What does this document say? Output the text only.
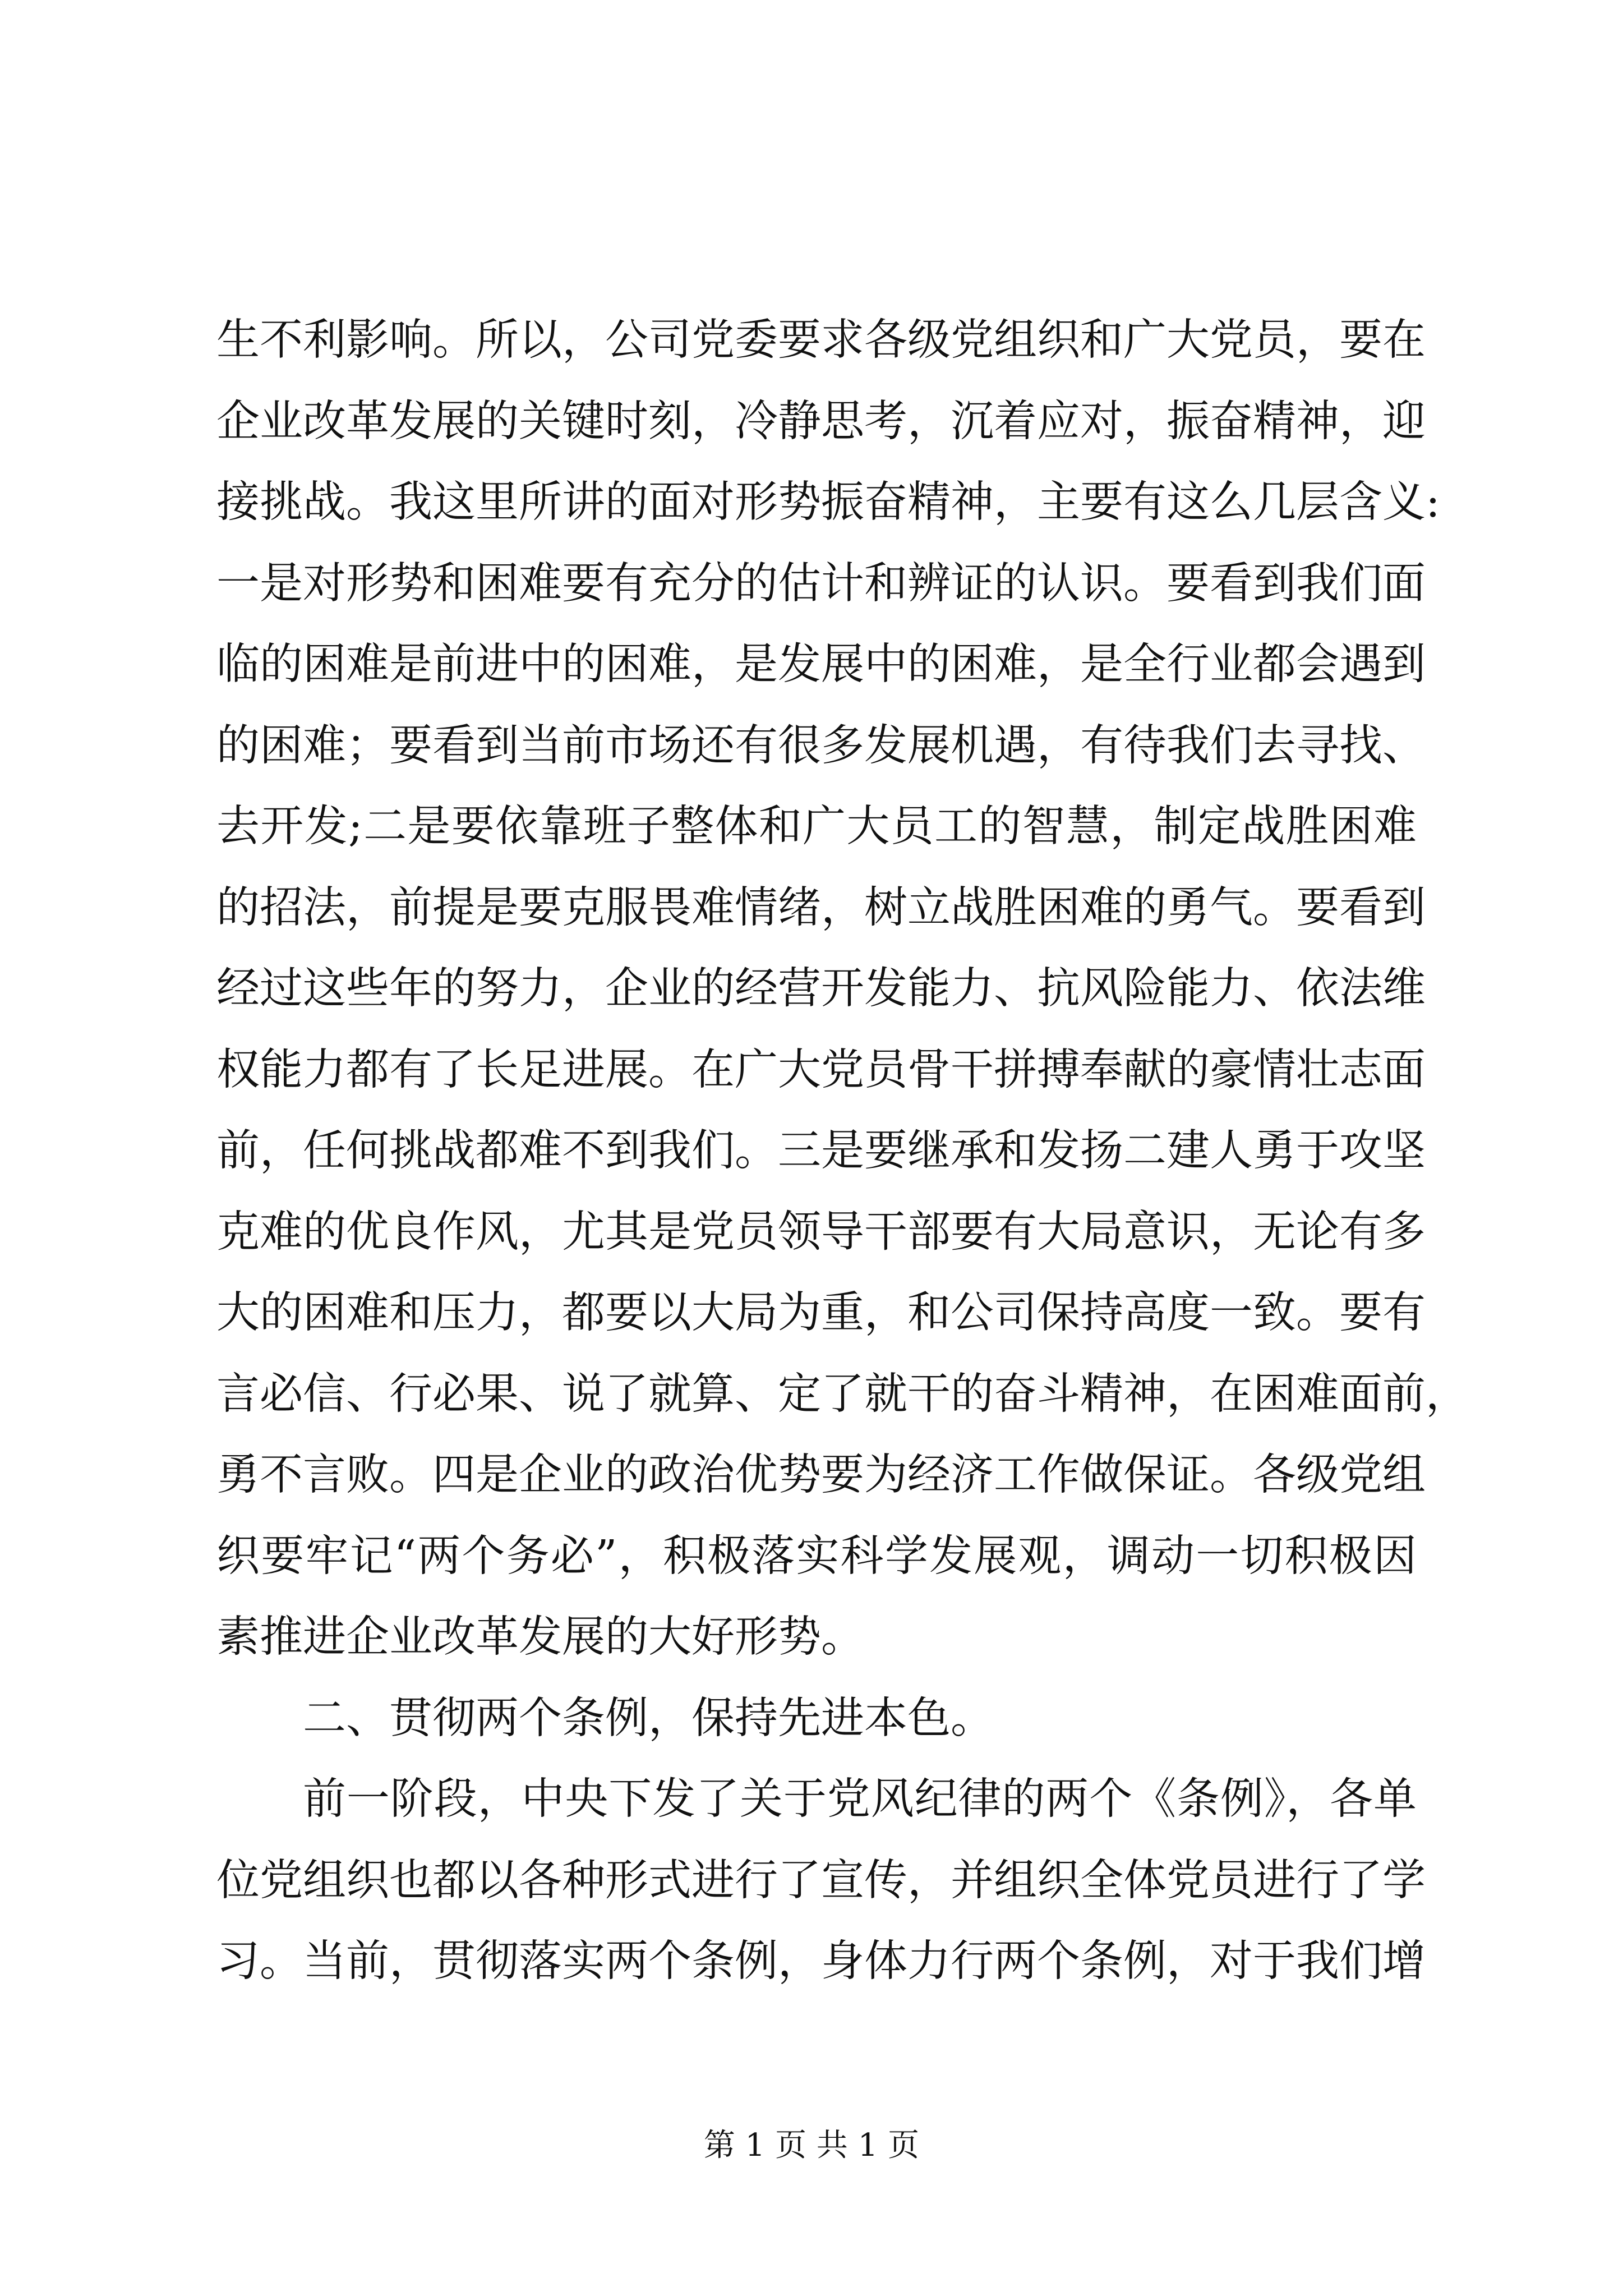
生不利影响。所以，公司党委要求各级党组织和广大党员，要在
企业改革发展的关键时刻，冷静思考，沉着应对，振奋精神，迎
接挑战。我这里所讲的面对形势振奋精神，主要有这么几层含义:
一是对形势和困难要有充分的估计和辨证的认识。要看到我们面
临的困难是前进中的困难，是发展中的困难，是全行业都会遇到
的困难；要看到当前市场还有很多发展机遇，有待我们去寻找、
去开发;二是要依靠班子整体和广大员工的智慧，制定战胜困难
的招法，前提是要克服畏难情绪，树立战胜困难的勇气。要看到
经过这些年的努力，企业的经营开发能力、抗风险能力、依法维
权能力都有了长足进展。在广大党员骨干拼搏奉献的豪情壮志面
前，任何挑战都难不到我们。三是要继承和发扬二建人勇于攻坚
克难的优良作风，尤其是党员领导干部要有大局意识，无论有多
大的困难和压力，都要以大局为重，和公司保持高度一致。要有
言必信、行必果、说了就算、定了就干的奋斗精神，在困难面前，
勇不言败。四是企业的政治优势要为经济工作做保证。各级党组
织要牢记“两个务必”，积极落实科学发展观，调动一切积极因
素推进企业改革发展的大好形势。
二、贯彻两个条例，保持先进本色。
前一阶段，中央下发了关于党风纪律的两个《条例》，各单
位党组织也都以各种形式进行了宣传，并组织全体党员进行了学
习。当前，贯彻落实两个条例，身体力行两个条例，对于我们增
第 1 页 共 1 页
